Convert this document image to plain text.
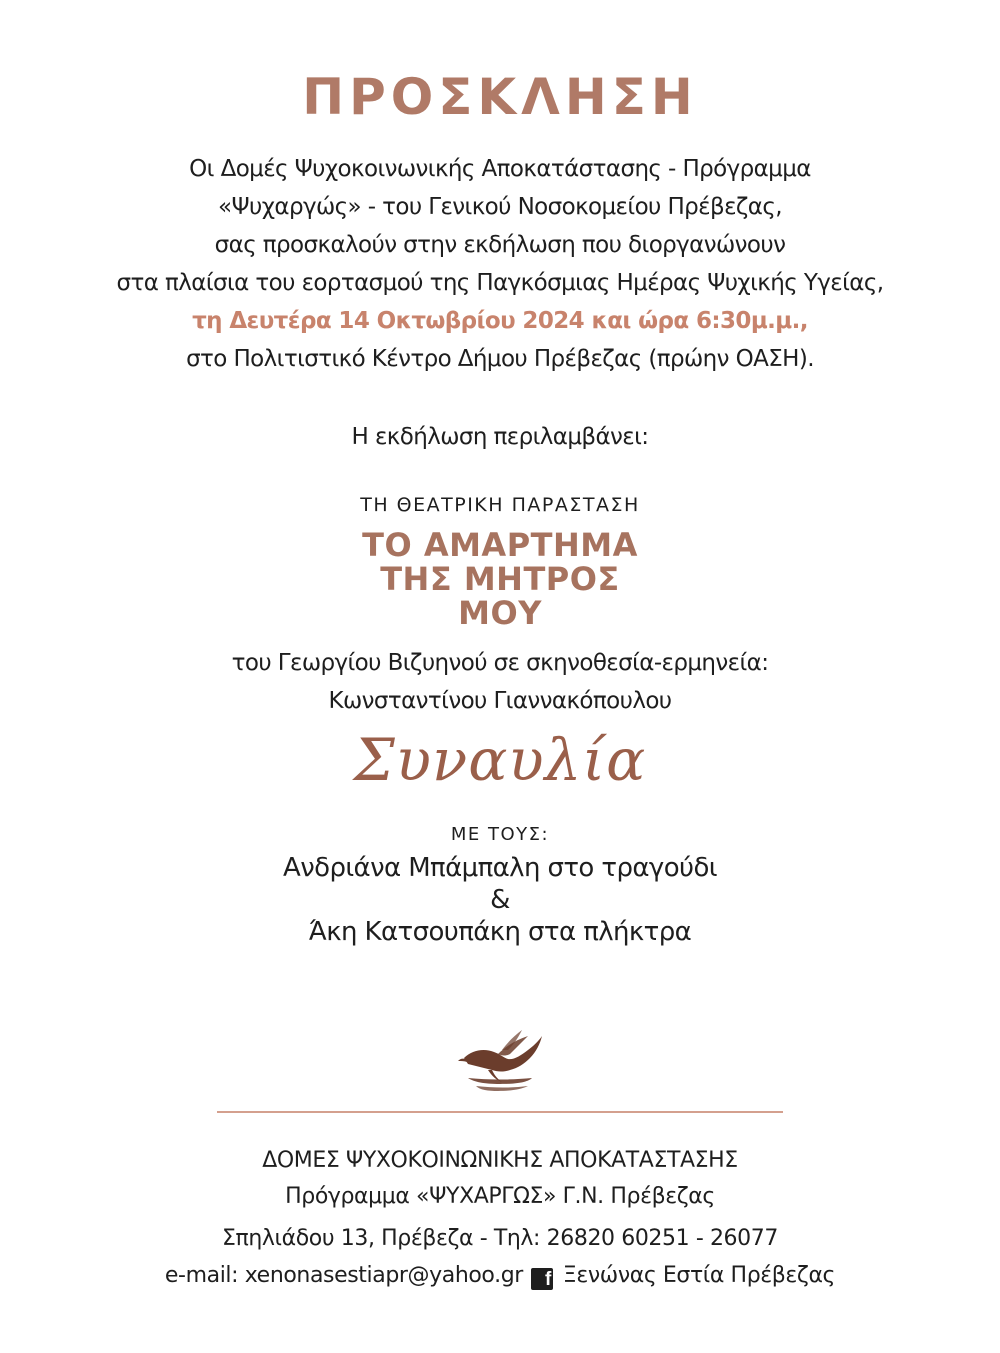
ΠΡΟΣΚΛΗΣΗ
Οι Δομές Ψυχοκοινωνικής Αποκατάστασης - Πρόγραμμα
«Ψυχαργώς» - του Γενικού Νοσοκομείου Πρέβεζας,
σας προσκαλούν στην εκδήλωση που διοργανώνουν
στα πλαίσια του εορτασμού της Παγκόσμιας Ημέρας Ψυχικής Υγείας,
τη Δευτέρα 14 Οκτωβρίου 2024 και ώρα 6:30μ.μ.,
στο Πολιτιστικό Κέντρο Δήμου Πρέβεζας (πρώην ΟΑΣΗ).
Η εκδήλωση περιλαμβάνει:
ΤΗ ΘΕΑΤΡΙΚΗ ΠΑΡΑΣΤΑΣΗ
ΤΟ ΑΜΑΡΤΗΜΑ
ΤΗΣ ΜΗΤΡΟΣ
ΜΟΥ
του Γεωργίου Βιζυηνού σε σκηνοθεσία-ερμηνεία:
Κωνσταντίνου Γιαννακόπουλου
Συναυλία
ΜΕ ΤΟΥΣ:
Ανδριάνα Μπάμπαλη στο τραγούδι
&
Άκη Κατσουπάκη στα πλήκτρα
ΔΟΜΕΣ ΨΥΧΟΚΟΙΝΩΝΙΚΗΣ ΑΠΟΚΑΤΑΣΤΑΣΗΣ
Πρόγραμμα «ΨΥΧΑΡΓΩΣ» Γ.Ν. Πρέβεζας
Σπηλιάδου 13, Πρέβεζα - Τηλ: 26820 60251 - 26077
e-mail: xenonasestiapr@yahoo.gr f Ξενώνας Εστία Πρέβεζας
